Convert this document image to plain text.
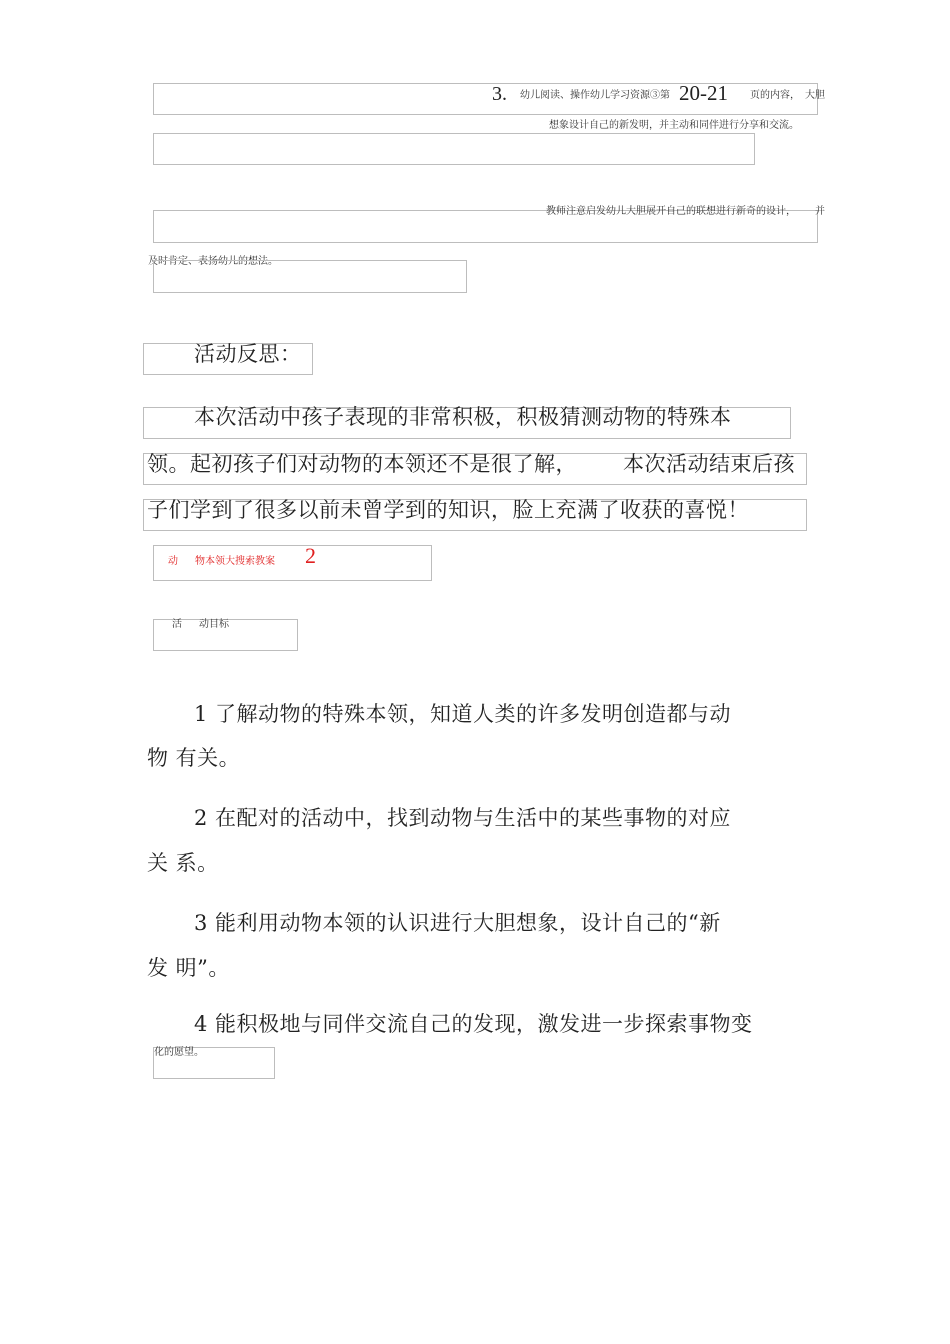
3. 幼儿阅读、操作幼儿学习资源③第 20-21 页的内容， 大胆
想象设计自己的新发明，并主动和同伴进行分享和交流。
教师注意启发幼儿大胆展开自己的联想进行新奇的设计， 并
及时肯定、表扬幼儿的想法。
活动反思：
本次活动中孩子表现的非常积极，积极猜测动物的特殊本
领。起初孩子们对动物的本领还不是很了解， 本次活动结束后孩
子们学到了很多以前未曾学到的知识，脸上充满了收获的喜悦！
动 物本领大搜索教案 2
活 动目标
1 了解动物的特殊本领，知道人类的许多发明创造都与动
物 有关。
2 在配对的活动中，找到动物与生活中的某些事物的对应
关 系。
3 能利用动物本领的认识进行大胆想象，设计自己的“新
发 明”。
4 能积极地与同伴交流自己的发现，激发进一步探索事物变
化的愿望。
